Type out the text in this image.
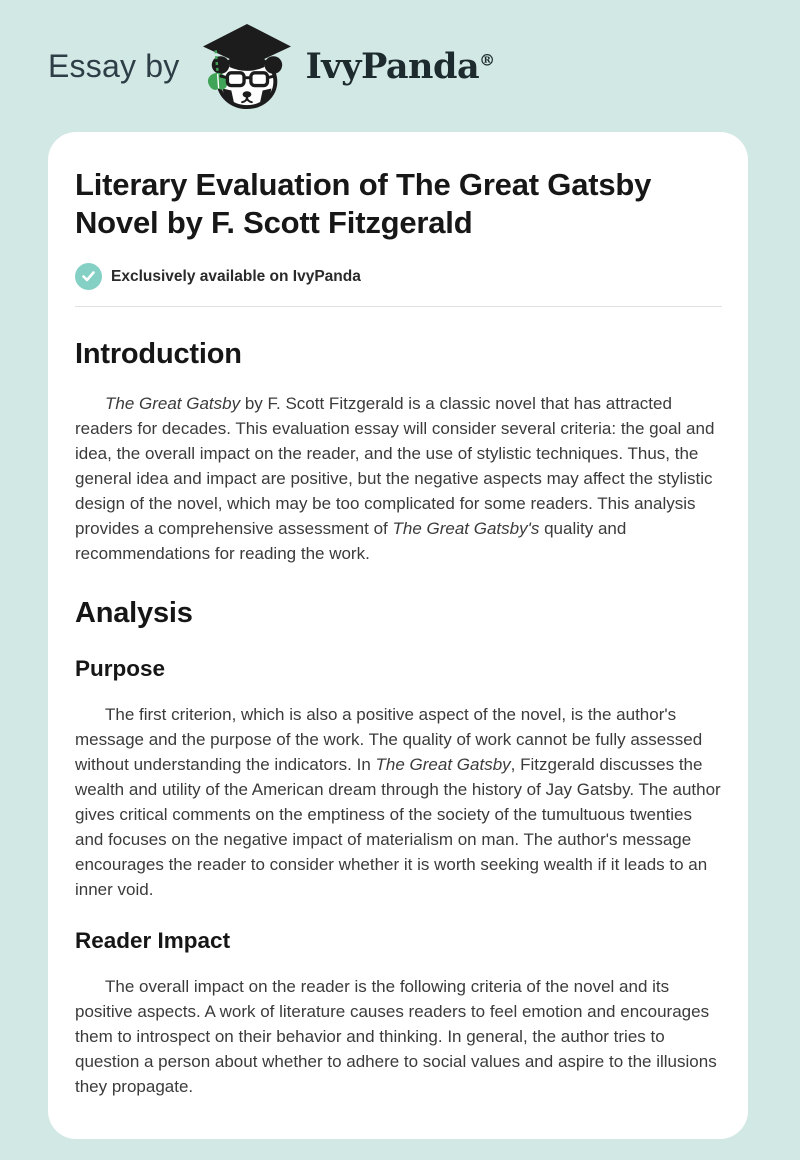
Essay by	IvyPanda®
Literary Evaluation of The Great Gatsby Novel by F. Scott Fitzgerald
Exclusively available on IvyPanda
Introduction

The Great Gatsby by F. Scott Fitzgerald is a classic novel that has attracted readers for decades. This evaluation essay will consider several criteria: the goal and idea, the overall impact on the reader, and the use of stylistic techniques. Thus, the general idea and impact are positive, but the negative aspects may affect the stylistic design of the novel, which may be too complicated for some readers. This analysis provides a comprehensive assessment of The Great Gatsby's quality and recommendations for reading the work.

Analysis
Purpose

The first criterion, which is also a positive aspect of the novel, is the author's message and the purpose of the work. The quality of work cannot be fully assessed without understanding the indicators. In The Great Gatsby, Fitzgerald discusses the wealth and utility of the American dream through the history of Jay Gatsby. The author gives critical comments on the emptiness of the society of the tumultuous twenties and focuses on the negative impact of materialism on man. The author's message encourages the reader to consider whether it is worth seeking wealth if it leads to an inner void.

Reader Impact

The overall impact on the reader is the following criteria of the novel and its positive aspects. A work of literature causes readers to feel emotion and encourages them to introspect on their behavior and thinking. In general, the author tries to question a person about whether to adhere to social values and aspire to the illusions they propagate.
